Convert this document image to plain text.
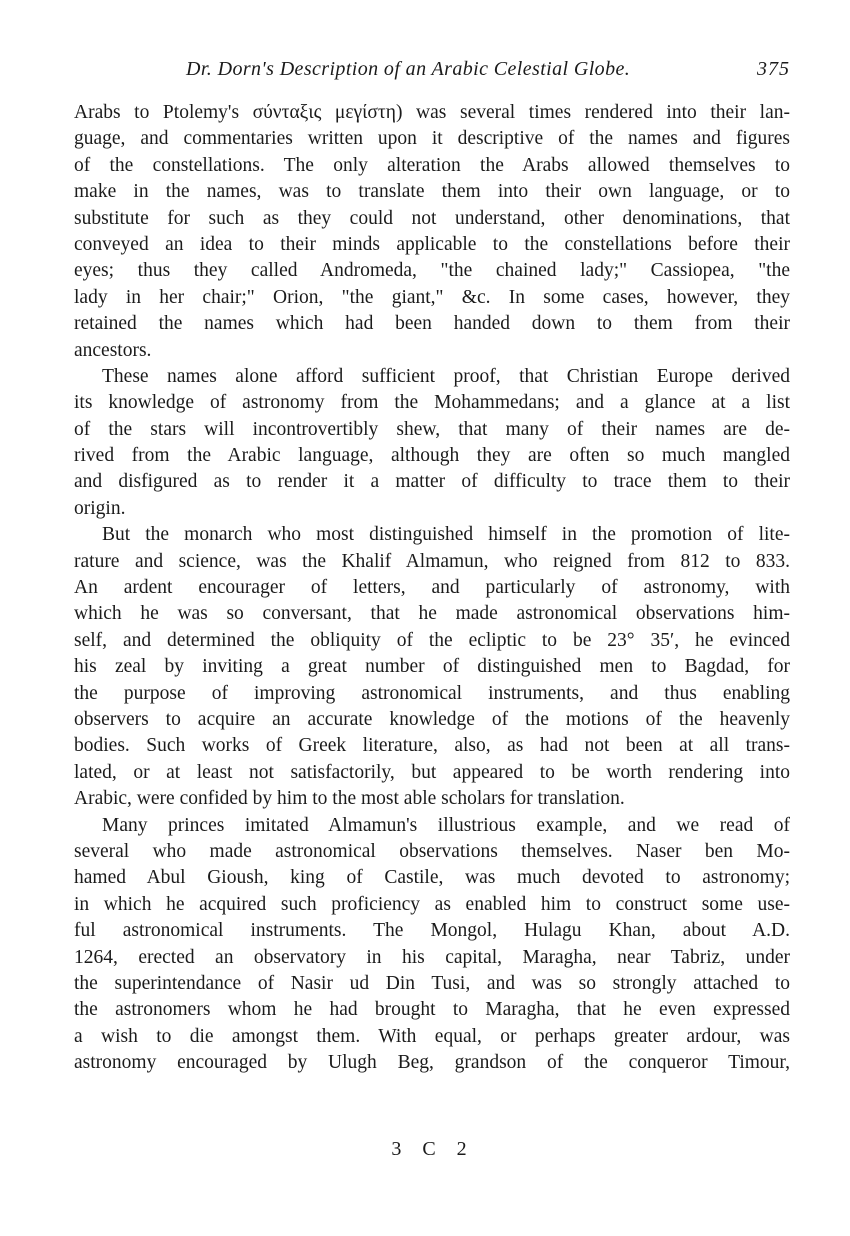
Dr. Dorn's Description of an Arabic Celestial Globe.	375
Arabs to Ptolemy's σύνταξις μεγίστη) was several times rendered into their lan-
guage, and commentaries written upon it descriptive of the names and figures
of the constellations. The only alteration the Arabs allowed themselves to
make in the names, was to translate them into their own language, or to
substitute for such as they could not understand, other denominations, that
conveyed an idea to their minds applicable to the constellations before their
eyes; thus they called Andromeda, "the chained lady;" Cassiopea, "the
lady in her chair;" Orion, "the giant," &c. In some cases, however, they
retained the names which had been handed down to them from their
ancestors.
These names alone afford sufficient proof, that Christian Europe derived
its knowledge of astronomy from the Mohammedans; and a glance at a list
of the stars will incontrovertibly shew, that many of their names are de-
rived from the Arabic language, although they are often so much mangled
and disfigured as to render it a matter of difficulty to trace them to their
origin.
But the monarch who most distinguished himself in the promotion of lite-
rature and science, was the Khalif Almamun, who reigned from 812 to 833.
An ardent encourager of letters, and particularly of astronomy, with
which he was so conversant, that he made astronomical observations him-
self, and determined the obliquity of the ecliptic to be 23° 35′, he evinced
his zeal by inviting a great number of distinguished men to Bagdad, for
the purpose of improving astronomical instruments, and thus enabling
observers to acquire an accurate knowledge of the motions of the heavenly
bodies. Such works of Greek literature, also, as had not been at all trans-
lated, or at least not satisfactorily, but appeared to be worth rendering into
Arabic, were confided by him to the most able scholars for translation.
Many princes imitated Almamun's illustrious example, and we read of
several who made astronomical observations themselves. Naser ben Mo-
hamed Abul Gioush, king of Castile, was much devoted to astronomy;
in which he acquired such proficiency as enabled him to construct some use-
ful astronomical instruments. The Mongol, Hulagu Khan, about A.D.
1264, erected an observatory in his capital, Maragha, near Tabriz, under
the superintendance of Nasir ud Din Tusi, and was so strongly attached to
the astronomers whom he had brought to Maragha, that he even expressed
a wish to die amongst them. With equal, or perhaps greater ardour, was
astronomy encouraged by Ulugh Beg, grandson of the conqueror Timour,
3 C 2
